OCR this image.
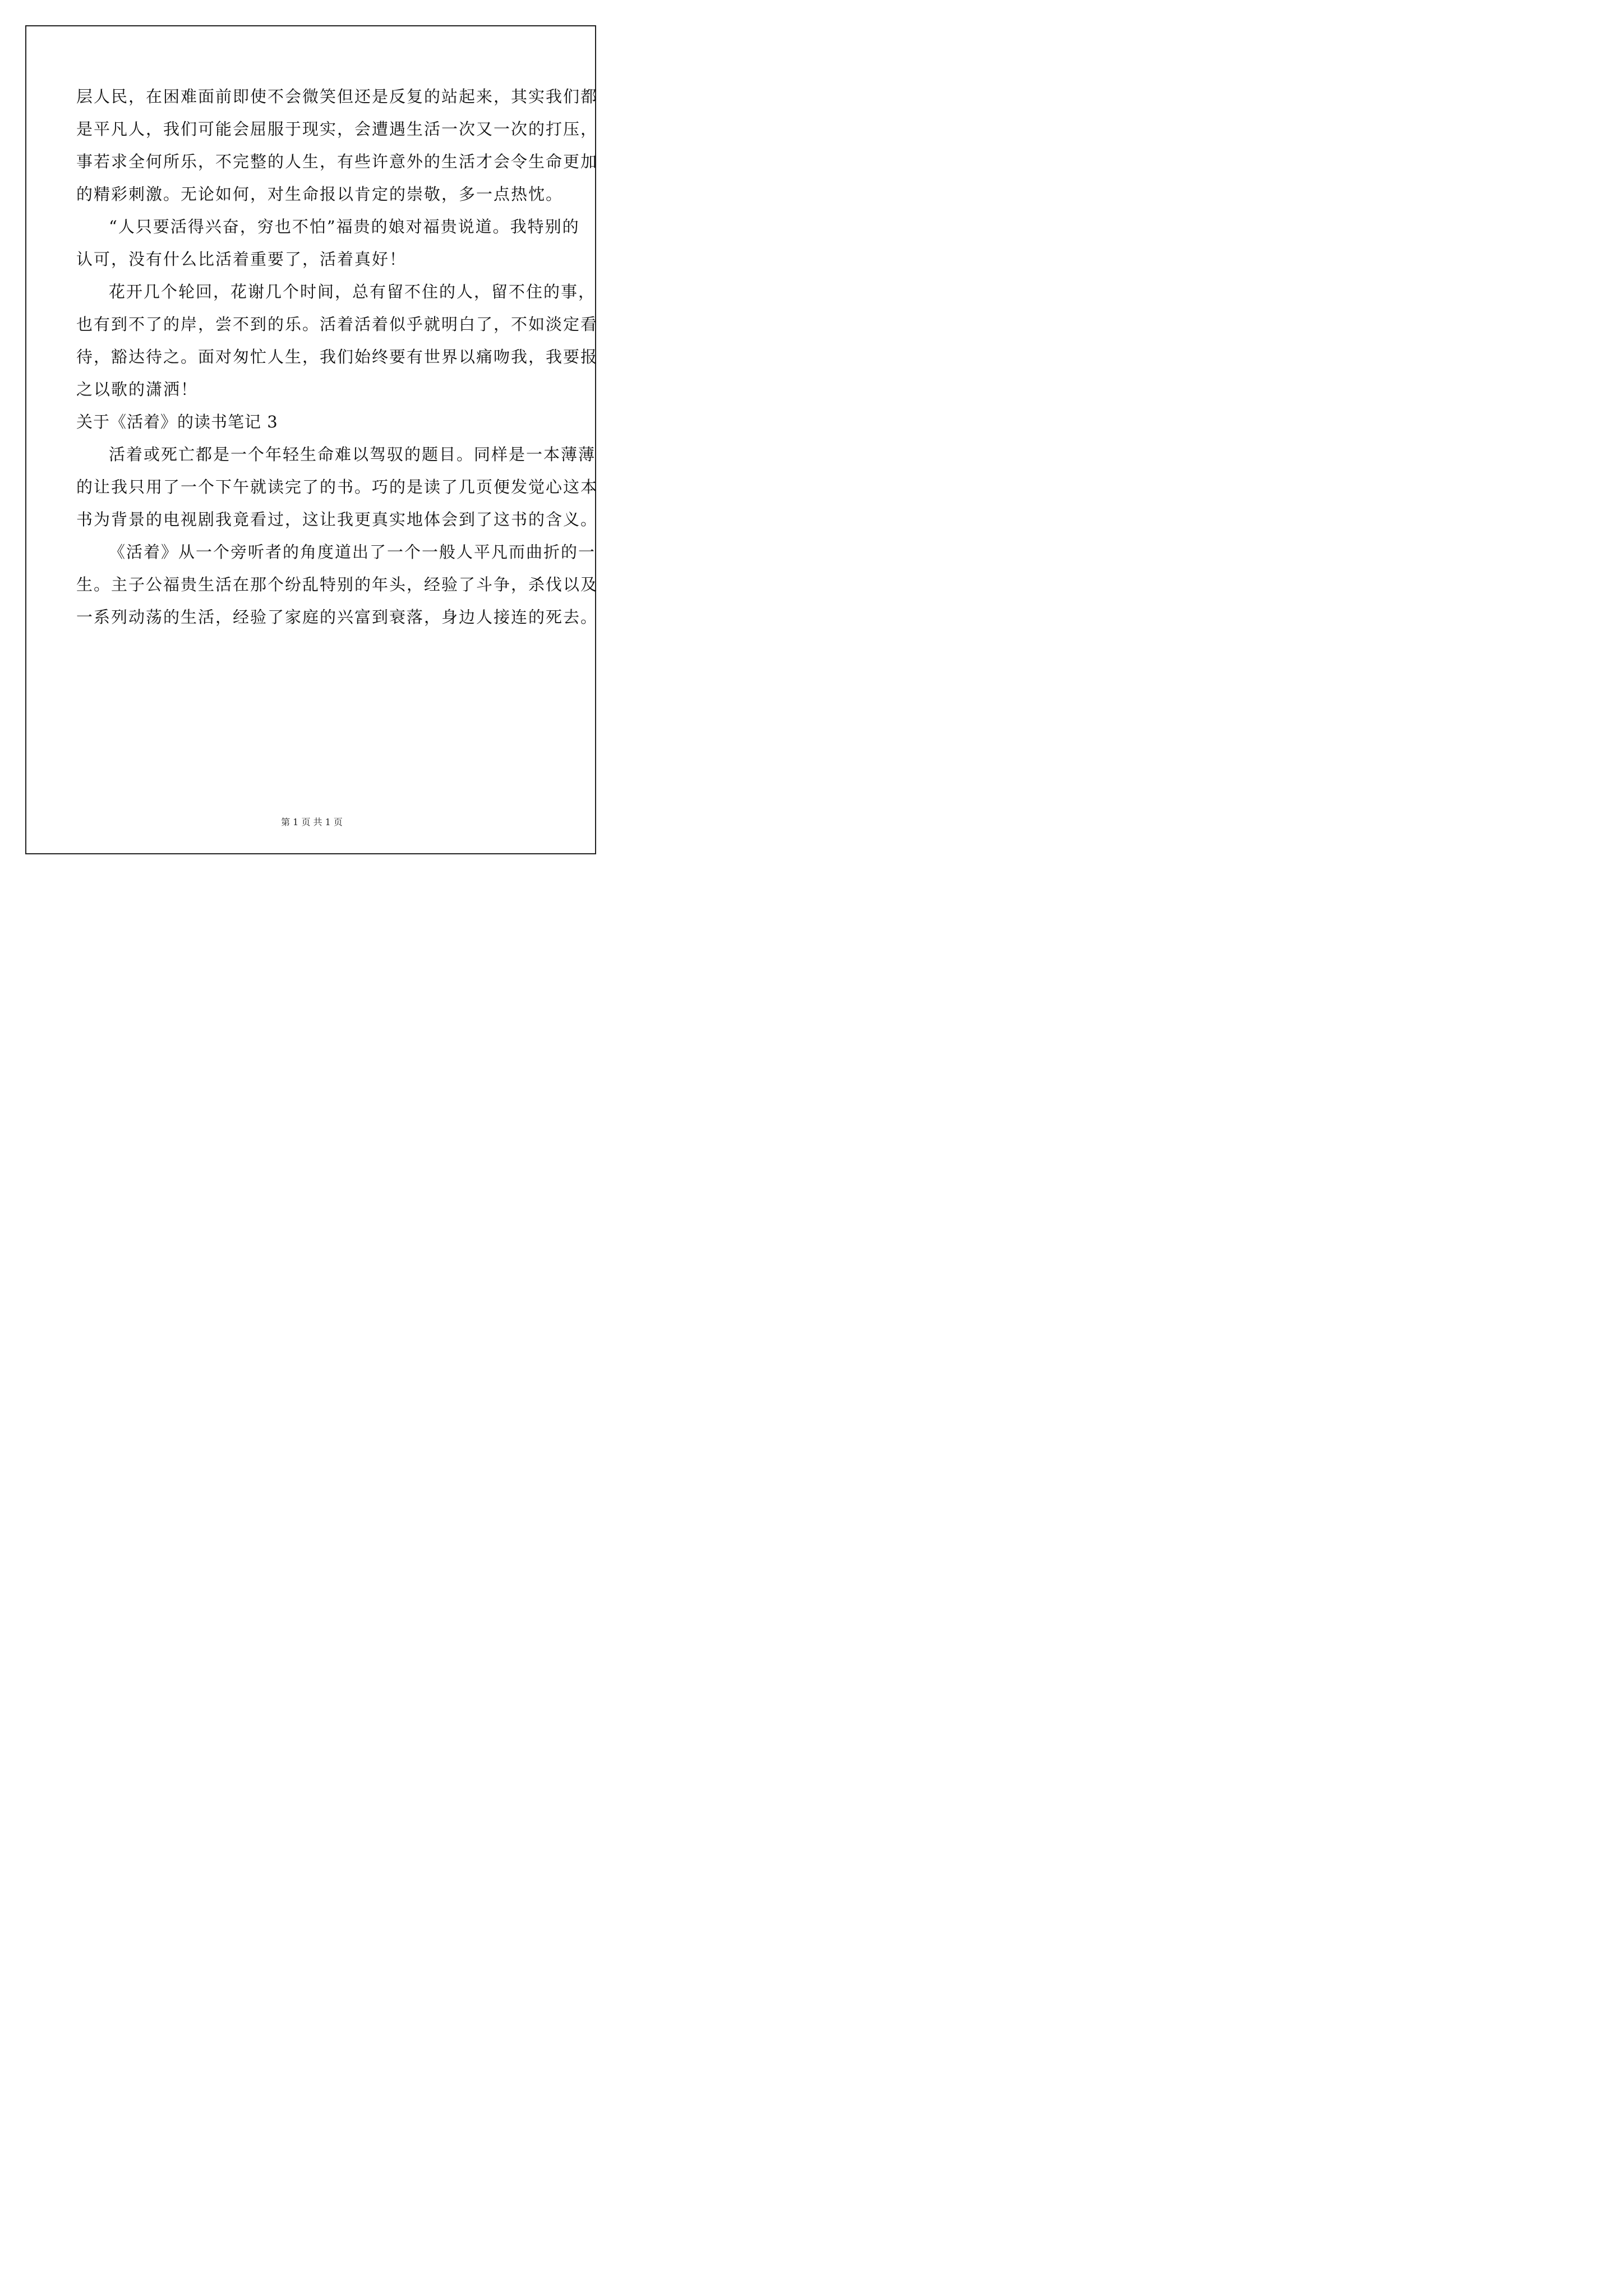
层人民，在困难面前即使不会微笑但还是反复的站起来，其实我们都
是平凡人，我们可能会屈服于现实，会遭遇生活一次又一次的打压，
事若求全何所乐，不完整的人生，有些许意外的生活才会令生命更加
的精彩刺激。无论如何，对生命报以肯定的崇敬，多一点热忱。
“人只要活得兴奋，穷也不怕”福贵的娘对福贵说道。我特别的
认可，没有什么比活着重要了，活着真好！
花开几个轮回，花谢几个时间，总有留不住的人，留不住的事，
也有到不了的岸，尝不到的乐。活着活着似乎就明白了，不如淡定看
待，豁达待之。面对匆忙人生，我们始终要有世界以痛吻我，我要报
之以歌的潇洒！
关于《活着》的读书笔记 3
活着或死亡都是一个年轻生命难以驾驭的题目。同样是一本薄薄
的让我只用了一个下午就读完了的书。巧的是读了几页便发觉心这本
书为背景的电视剧我竟看过，这让我更真实地体会到了这书的含义。
《活着》从一个旁听者的角度道出了一个一般人平凡而曲折的一
生。主子公福贵生活在那个纷乱特别的年头，经验了斗争，杀伐以及
一系列动荡的生活，经验了家庭的兴富到衰落，身边人接连的死去。
第 1 页 共 1 页
